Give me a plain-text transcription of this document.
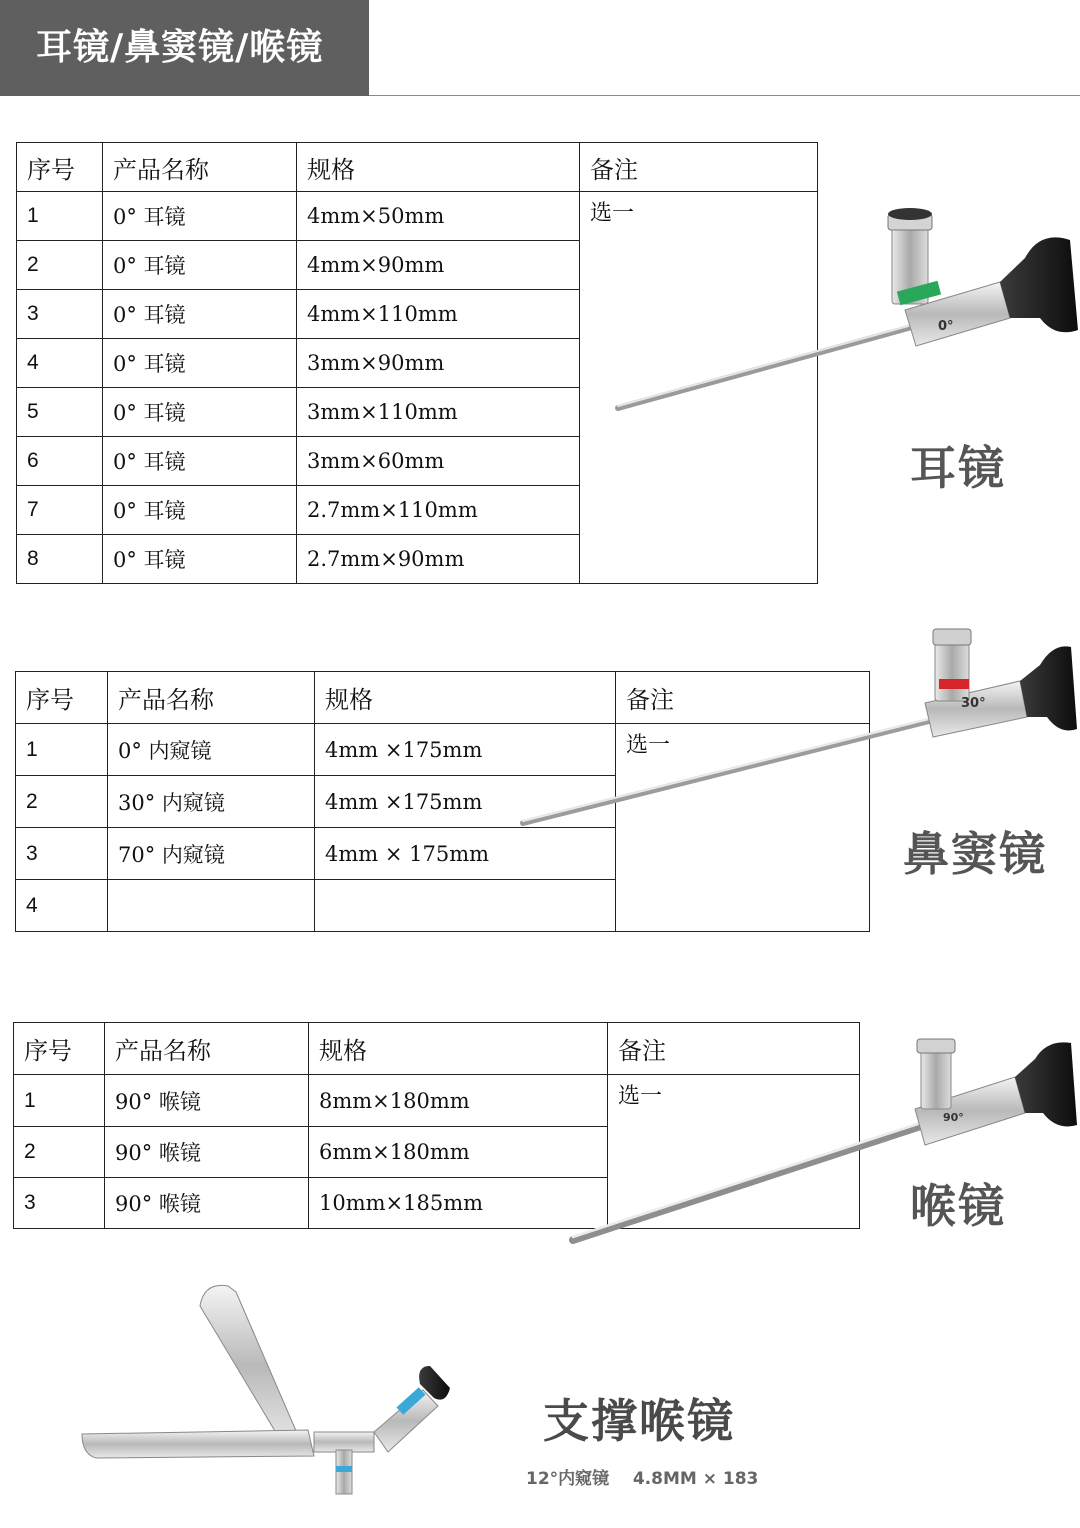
耳镜/鼻窦镜/喉镜
序号	产品名称	规格	备注
1	0° 耳镜	4mm×50mm	选一
2	0° 耳镜	4mm×90mm	
3	0° 耳镜	4mm×110mm	
4	0° 耳镜	3mm×90mm	
5	0° 耳镜	3mm×110mm	
6	0° 耳镜	3mm×60mm	
7	0° 耳镜	2.7mm×110mm	
8	0° 耳镜	2.7mm×90mm	
0°
耳镜
序号	产品名称	规格	备注
1	0° 内窥镜	4mm ×175mm	选一
2	30° 内窥镜	4mm ×175mm	
3	70° 内窥镜	4mm × 175mm	
4			
30°
鼻窦镜
序号	产品名称	规格	备注
1	90° 喉镜	8mm×180mm	选一
2	90° 喉镜	6mm×180mm	
3	90° 喉镜	10mm×185mm	
90°
喉镜
支撑喉镜
12°内窥镜    4.8MM × 183
